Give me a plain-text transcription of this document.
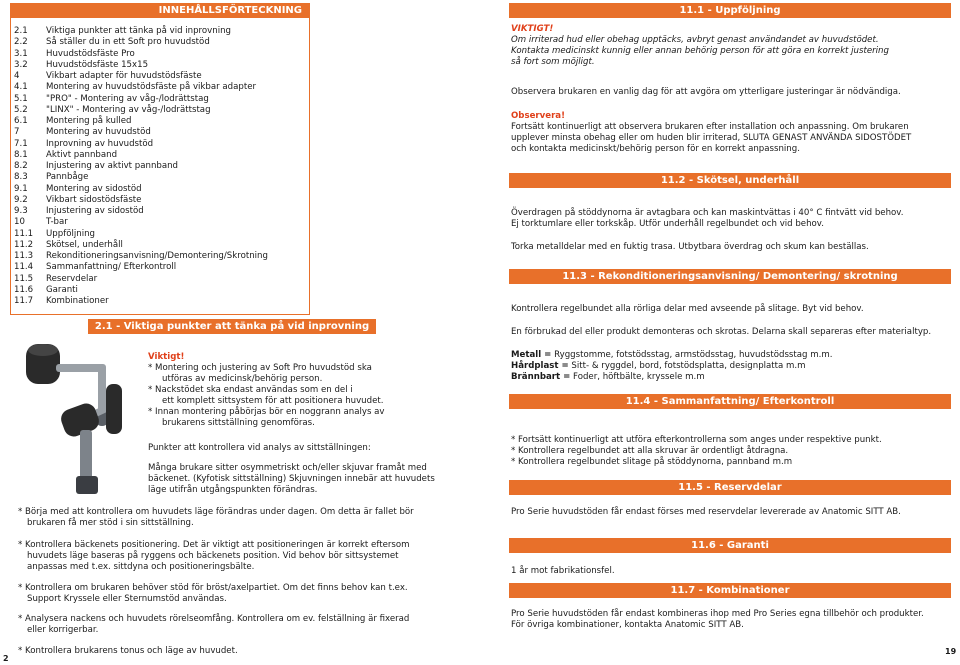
INNEHÅLLSFÖRTECKNING
2.1	Viktiga punkter att tänka på vid inprovning
2.2	Så ställer du in ett Soft pro huvudstöd
3.1	Huvudstödsfäste Pro
3.2	Huvudstödsfäste 15x15
4	Vikbart adapter för huvudstödsfäste
4.1	Montering av huvudstödsfäste på vikbar adapter
5.1	"PRO" - Montering av våg-/lodrättstag
5.2	"LINX" - Montering av våg-/lodrättstag
6.1	Montering på kulled
7	Montering av huvudstöd
7.1	Inprovning av huvudstöd
8.1	Aktivt pannband
8.2	Injustering av aktivt pannband
8.3	Pannbåge
9.1	Montering av sidostöd
9.2	Vikbart sidostödsfäste
9.3	Injustering av sidostöd
10	T-bar
11.1	Uppföljning
11.2	Skötsel, underhåll
11.3	Rekonditioneringsanvisning/Demontering/Skrotning
11.4	Sammanfattning/ Efterkontroll
11.5	Reservdelar
11.6	Garanti
11.7	Kombinationer
2.1 - Viktiga punkter att tänka på vid inprovning
Viktigt!
* Montering och justering av Soft Pro huvudstöd ska
utföras av medicinsk/behörig person.
* Nackstödet ska endast användas som en del i
ett komplett sittsystem för att positionera huvudet.
* Innan montering påbörjas bör en noggrann analys av
brukarens sittställning genomföras.
Punkter att kontrollera vid analys av sittställningen:
Många brukare sitter osymmetriskt och/eller skjuvar framåt med
bäckenet. (Kyfotisk sittställning) Skjuvningen innebär att huvudets
läge utifrån utgångspunkten förändras.
* Börja med att kontrollera om huvudets läge förändras under dagen. Om detta är fallet bör
brukaren få mer stöd i sin sittställning.
* Kontrollera bäckenets positionering. Det är viktigt att positioneringen är korrekt eftersom
huvudets läge baseras på ryggens och bäckenets position. Vid behov bör sittsystemet
anpassas med t.ex. sittdyna och positioneringsbälte.
* Kontrollera om brukaren behöver stöd för bröst/axelpartiet. Om det finns behov kan t.ex.
Support Kryssele eller Sternumstöd användas.
* Analysera nackens och huvudets rörelseomfång. Kontrollera om ev. felställning är fixerad
eller korrigerbar.
* Kontrollera brukarens tonus och läge av huvudet.
2
11.1 - Uppföljning
VIKTIGT!
Om irriterad hud eller obehag upptäcks, avbryt genast användandet av huvudstödet.
Kontakta medicinskt kunnig eller annan behörig person för att göra en korrekt justering
så fort som möjligt.
Observera brukaren en vanlig dag för att avgöra om ytterligare justeringar är nödvändiga.
Observera!
Fortsätt kontinuerligt att observera brukaren efter installation och anpassning. Om brukaren
upplever minsta obehag eller om huden blir irriterad, SLUTA GENAST ANVÄNDA SIDOSTÖDET
och kontakta medicinskt/behörig person för en korrekt anpassning.
11.2 - Skötsel, underhåll
Överdragen på stöddynorna är avtagbara och kan maskintvättas i 40° C fintvätt vid behov.
Ej torktumlare eller torkskåp. Utför underhåll regelbundet och vid behov.
Torka metalldelar med en fuktig trasa. Utbytbara överdrag och skum kan beställas.
11.3 - Rekonditioneringsanvisning/ Demontering/ skrotning
Kontrollera regelbundet alla rörliga delar med avseende på slitage. Byt vid behov.
En förbrukad del eller produkt demonteras och skrotas. Delarna skall separeras efter materialtyp.
Metall = Ryggstomme, fotstödsstag, armstödsstag, huvudstödsstag m.m.
Hårdplast = Sitt- & ryggdel, bord, fotstödsplatta, designplatta m.m
Brännbart = Foder, höftbälte, kryssele m.m
11.4 - Sammanfattning/ Efterkontroll
* Fortsätt kontinuerligt att utföra efterkontrollerna som anges under respektive punkt.
* Kontrollera regelbundet att alla skruvar är ordentligt åtdragna.
* Kontrollera regelbundet slitage på stöddynorna, pannband m.m
11.5 - Reservdelar
Pro Serie huvudstöden får endast förses med reservdelar levererade av Anatomic SITT AB.
11.6 - Garanti
1 år mot fabrikationsfel.
11.7 - Kombinationer
Pro Serie huvudstöden får endast kombineras ihop med Pro Series egna tillbehör och produkter.
För övriga kombinationer, kontakta Anatomic SITT AB.
19
